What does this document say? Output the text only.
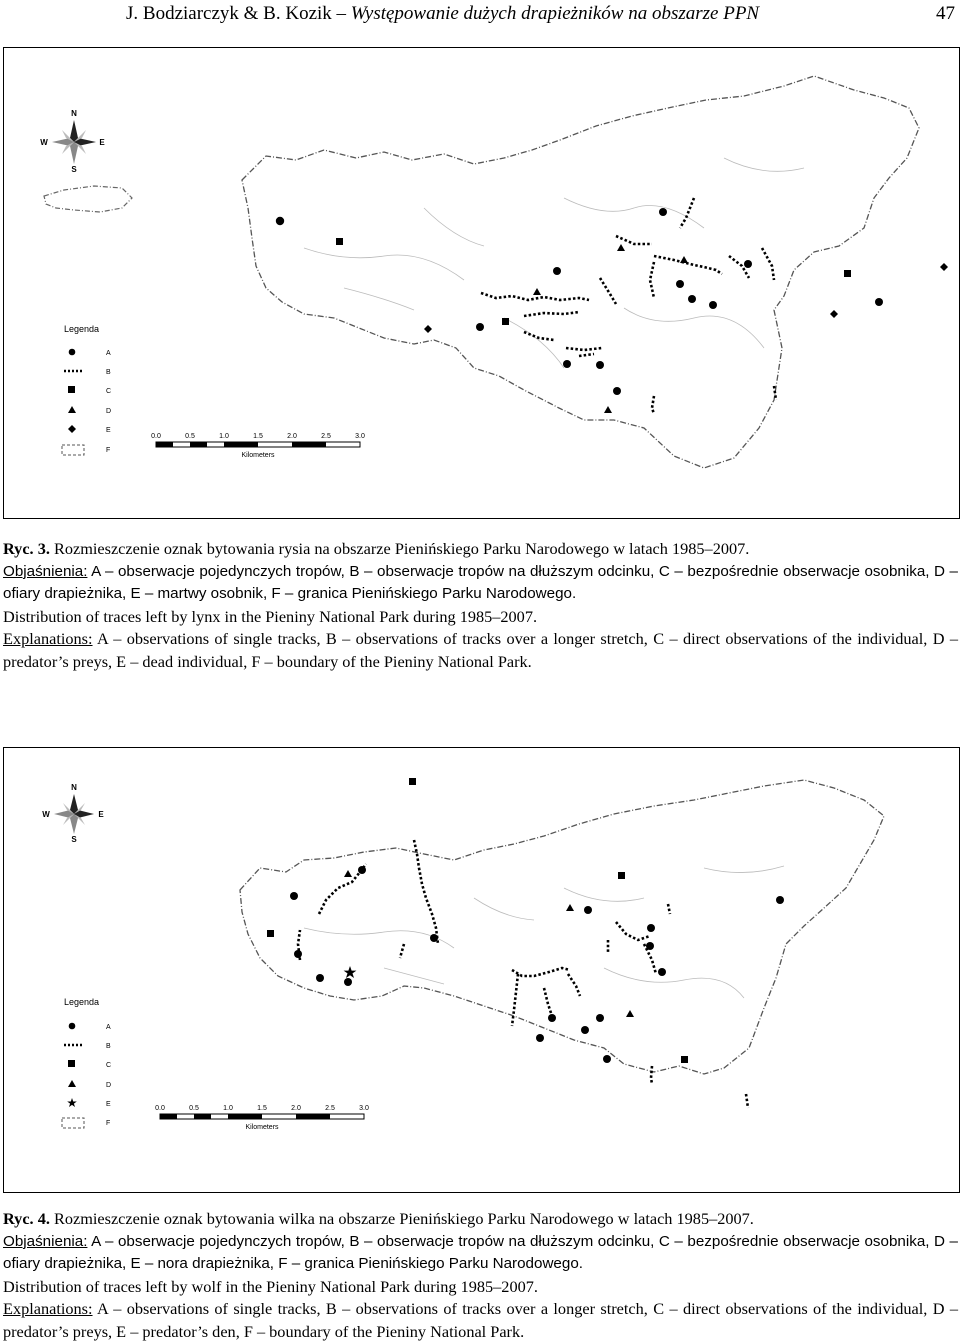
J. Bodziarczyk & B. Kozik – Występowanie dużych drapieżników na obszarze PPN	47
N
S
W	E
Legenda
A
B
C
D
E
F
0.0	0.5	1.0	1.5	2.0	2.5	3.0
Kilometers

Ryc. 3. Rozmieszczenie oznak bytowania rysia na obszarze Pienińskiego Parku Narodowego w latach 1985–2007.

Objaśnienia: A – obserwacje pojedynczych tropów, B – obserwacje tropów na dłuższym odcinku, C – bezpośrednie obserwacje osobnika, D – ofiary drapieżnika, E – martwy osobnik, F – granica Pienińskiego Parku Narodowego.

Distribution of traces left by lynx in the Pieniny National Park during 1985–2007.

Explanations: A – observations of single tracks, B – observations of tracks over a longer stretch, C – direct observations of the individual, D – predator’s preys, E – dead individual, F – boundary of the Pieniny National Park.

N
S
W	E
Legenda
A
B
C
D
E
F
0.0	0.5	1.0	1.5	2.0	2.5	3.0
Kilometers

Ryc. 4. Rozmieszczenie oznak bytowania wilka na obszarze Pienińskiego Parku Narodowego w latach 1985–2007.

Objaśnienia: A – obserwacje pojedynczych tropów, B – obserwacje tropów na dłuższym odcinku, C – bezpośrednie obserwacje osobnika, D – ofiary drapieżnika, E – nora drapieżnika, F – granica Pienińskiego Parku Narodowego.

Distribution of traces left by wolf in the Pieniny National Park during 1985–2007.

Explanations: A – observations of single tracks, B – observations of tracks over a longer stretch, C – direct observations of the individual, D – predator’s preys, E – predator’s den, F – boundary of the Pieniny National Park.
